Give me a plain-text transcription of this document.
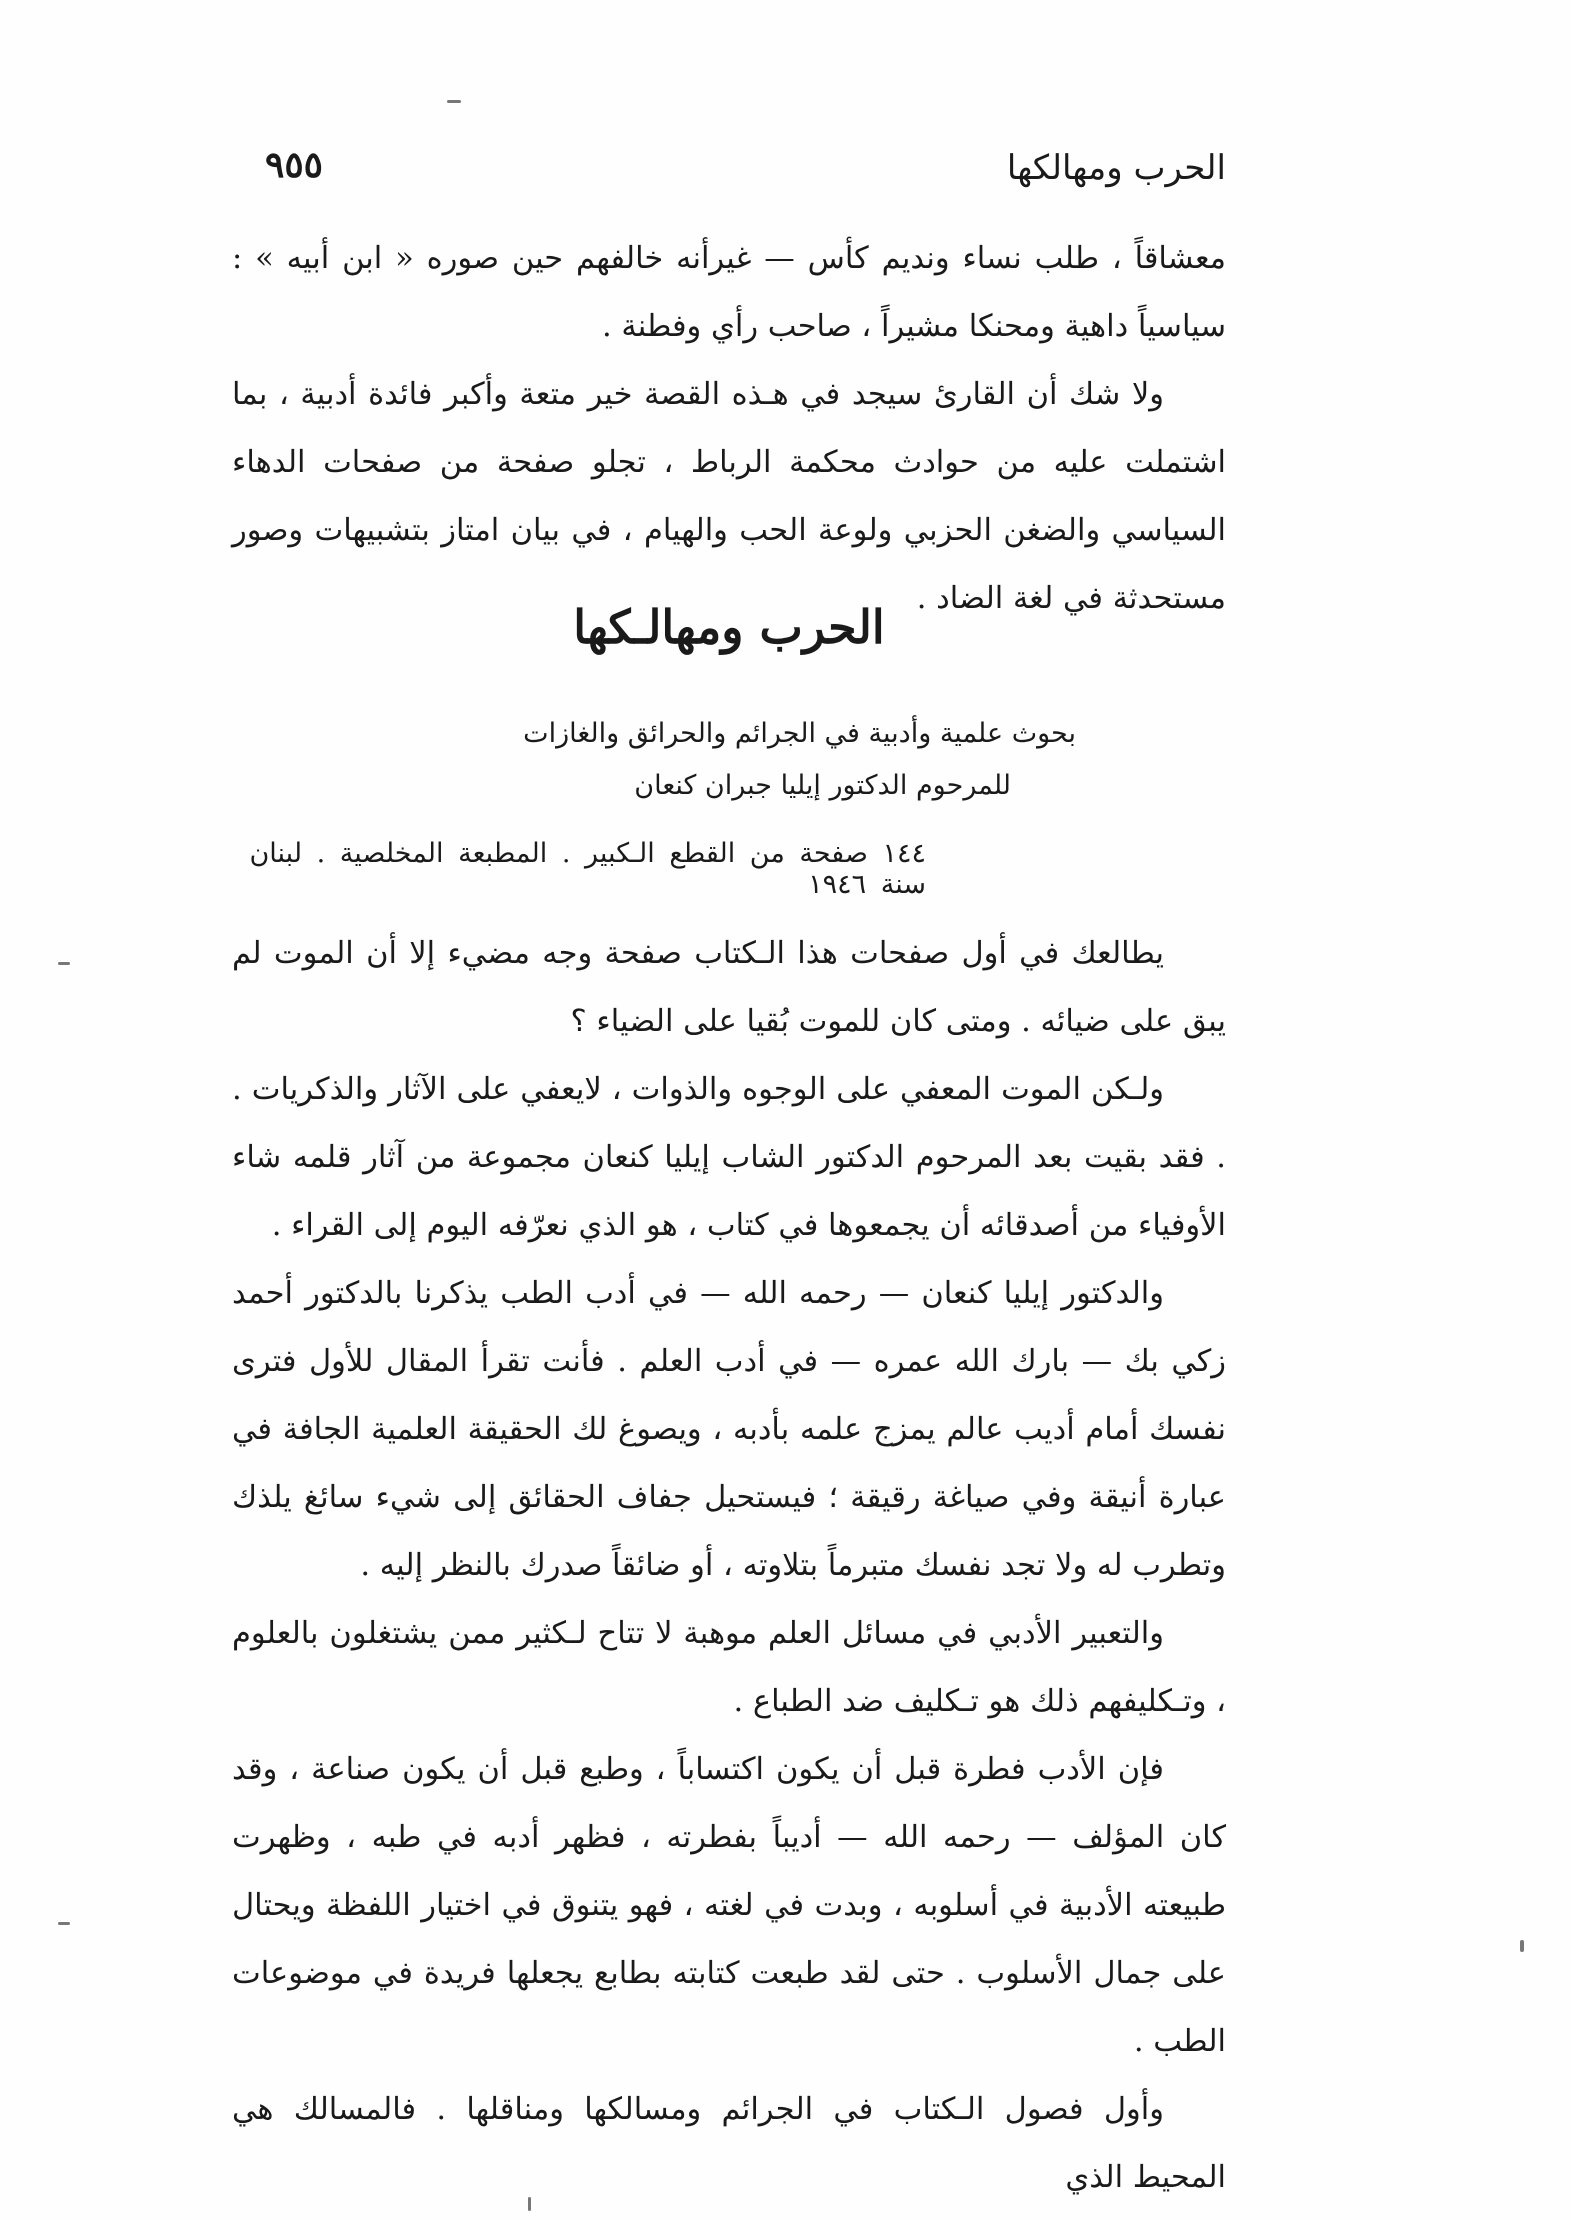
الحرب ومهالكها
٩٥٥

معشاقاً ، طلب نساء ونديم كأس — غيرأنه خالفهم حين صوره « ابن أبيه » : سياسياً داهية ومحنكا مشيراً ، صاحب رأي وفطنة .

ولا شك أن القارئ سيجد في هـذه القصة خير متعة وأكبر فائدة أدبية ، بما اشتملت عليه من حوادث محكمة الرباط ، تجلو صفحة من صفحات الدهاء السياسي والضغن الحزبي ولوعة الحب والهيام ، في بيان امتاز بتشبيهات وصور مستحدثة في لغة الضاد .

الحرب ومهالـكها
بحوث علمية وأدبية في الجرائم والحرائق والغازات
للمرحوم الدكتور إيليا جبران كنعان
١٤٤ صفحة من القطع الـكبير . المطبعة المخلصية . لبنان سنة ١٩٤٦

يطالعك في أول صفحات هذا الـكتاب صفحة وجه مضيء إلا أن الموت لم يبق على ضيائه . ومتى كان للموت بُقيا على الضياء ؟

ولـكن الموت المعفي على الوجوه والذوات ، لايعفي على الآثار والذكريات . . فقد بقيت بعد المرحوم الدكتور الشاب إيليا كنعان مجموعة من آثار قلمه شاء الأوفياء من أصدقائه أن يجمعوها في كتاب ، هو الذي نعرّفه اليوم إلى القراء .

والدكتور إيليا كنعان — رحمه الله — في أدب الطب يذكرنا بالدكتور أحمد زكي بك — بارك الله عمره — في أدب العلم . فأنت تقرأ المقال للأول فترى نفسك أمام أديب عالم يمزج علمه بأدبه ، ويصوغ لك الحقيقة العلمية الجافة في عبارة أنيقة وفي صياغة رقيقة ؛ فيستحيل جفاف الحقائق إلى شيء سائغ يلذك وتطرب له ولا تجد نفسك متبرماً بتلاوته ، أو ضائقاً صدرك بالنظر إليه .

والتعبير الأدبي في مسائل العلم موهبة لا تتاح لـكثير ممن يشتغلون بالعلوم ، وتـكليفهم ذلك هو تـكليف ضد الطباع .

فإن الأدب فطرة قبل أن يكون اكتساباً ، وطبع قبل أن يكون صناعة ، وقد كان المؤلف — رحمه الله — أديباً بفطرته ، فظهر أدبه في طبه ، وظهرت طبيعته الأدبية في أسلوبه ، وبدت في لغته ، فهو يتنوق في اختيار اللفظة ويحتال على جمال الأسلوب . حتى لقد طبعت كتابته بطابع يجعلها فريدة في موضوعات الطب .

وأول فصول الـكتاب في الجرائم ومسالكها ومناقلها . فالمسالك هي المحيط الذي
